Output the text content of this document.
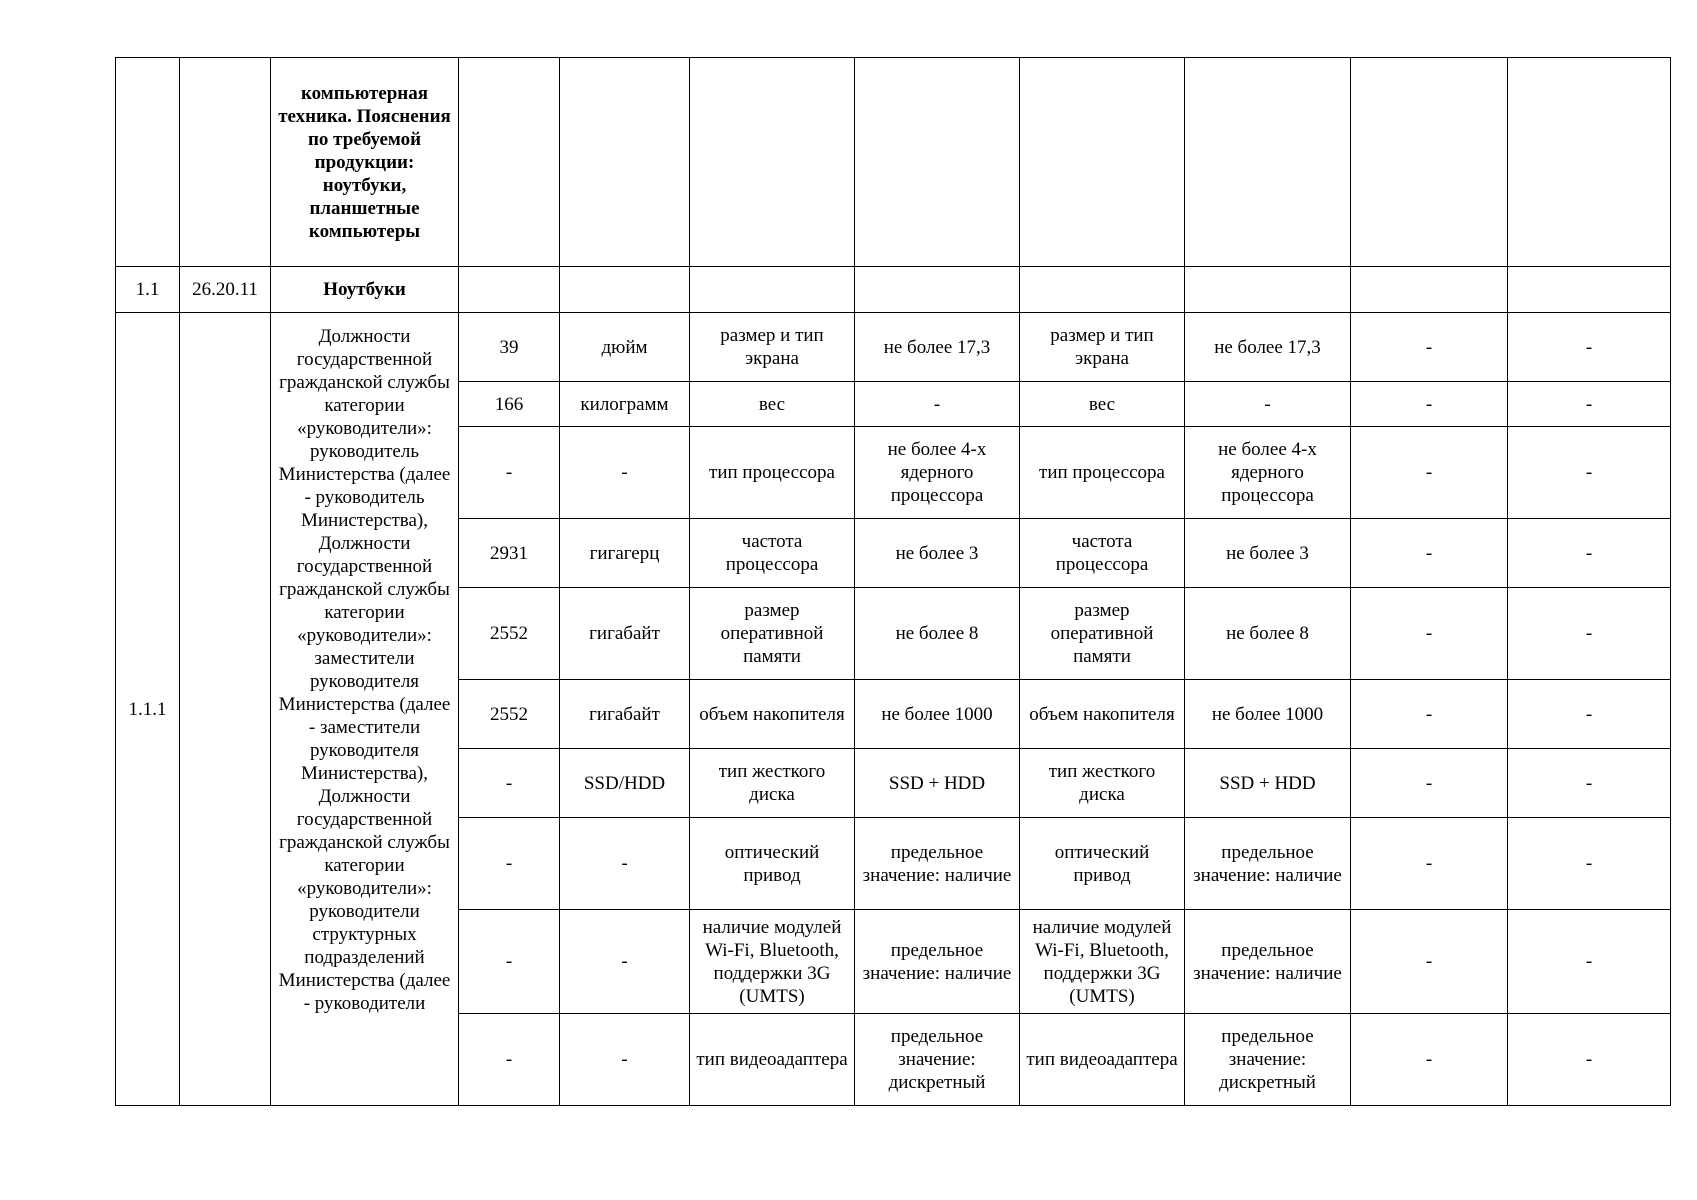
		компьютерная техника. Пояснения по требуемой продукции: ноутбуки, планшетные компьютеры								
1.1	26.20.11	Ноутбуки								
1.1.1		Должности государственной гражданской службы категории «руководители»: руководитель Министерства (далее - руководитель Министерства), Должности государственной гражданской службы категории «руководители»: заместители руководителя Министерства (далее - заместители руководителя Министерства), Должности государственной гражданской службы категории «руководители»: руководители структурных подразделений Министерства (далее - руководители	39	дюйм	размер и тип экрана	не более 17,3	размер и тип экрана	не более 17,3	-	-
			166	килограмм	вес	-	вес	-	-	-
			-	-	тип процессора	не более 4-х ядерного процессора	тип процессора	не более 4-х ядерного процессора	-	-
			2931	гигагерц	частота процессора	не более 3	частота процессора	не более 3	-	-
			2552	гигабайт	размер оперативной памяти	не более 8	размер оперативной памяти	не более 8	-	-
			2552	гигабайт	объем накопителя	не более 1000	объем накопителя	не более 1000	-	-
			-	SSD/HDD	тип жесткого диска	SSD + HDD	тип жесткого диска	SSD + HDD	-	-
			-	-	оптический привод	предельное значение: наличие	оптический привод	предельное значение: наличие	-	-
			-	-	наличие модулей Wi-Fi, Bluetooth, поддержки 3G (UMTS)	предельное значение: наличие	наличие модулей Wi-Fi, Bluetooth, поддержки 3G (UMTS)	предельное значение: наличие	-	-
			-	-	тип видеоадаптера	предельное значение: дискретный	тип видеоадаптера	предельное значение: дискретный	-	-
